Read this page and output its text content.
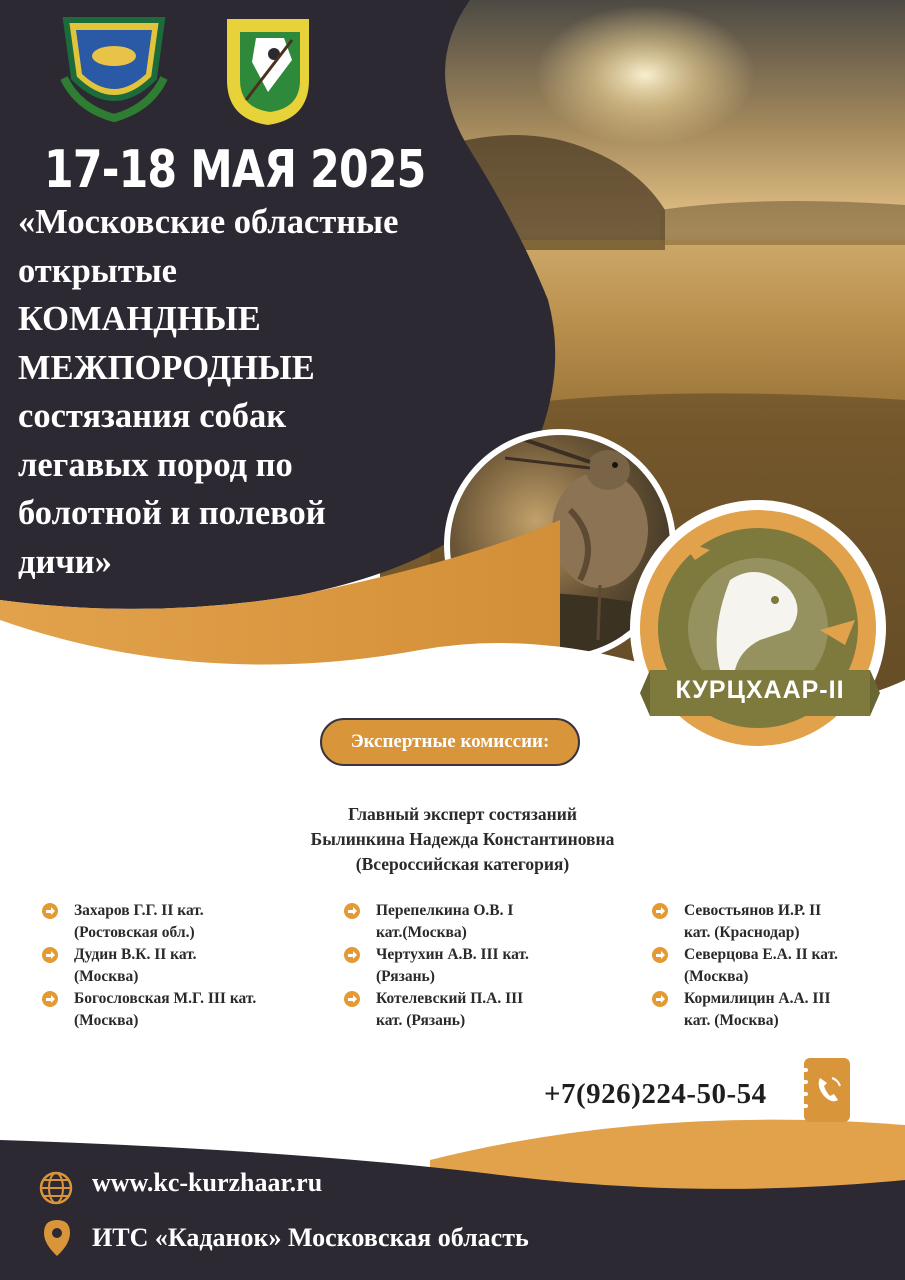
КУРЦХААР-II
17-18 МАЯ 2025
«Московские областные
открытые
КОМАНДНЫЕ
МЕЖПОРОДНЫЕ
состязания собак
легавых пород по
болотной и полевой
дичи»
Экспертные комиссии:
Главный эксперт состязаний
Былинкина Надежда Константиновна
(Всероссийская категория)
Захаров Г.Г. II кат.
(Ростовская обл.)
Дудин В.К. II кат.
(Москва)
Богословская М.Г. III кат.
(Москва)
Перепелкина О.В. I
кат.(Москва)
Чертухин А.В. III кат.
(Рязань)
Котелевский П.А. III
кат. (Рязань)
Севостьянов И.Р. II
кат. (Краснодар)
Северцова Е.А. II кат.
(Москва)
Кормилицин А.А. III
кат. (Москва)
+7(926)224-50-54
www.kc-kurzhaar.ru
ИТС «Каданок» Московская область
